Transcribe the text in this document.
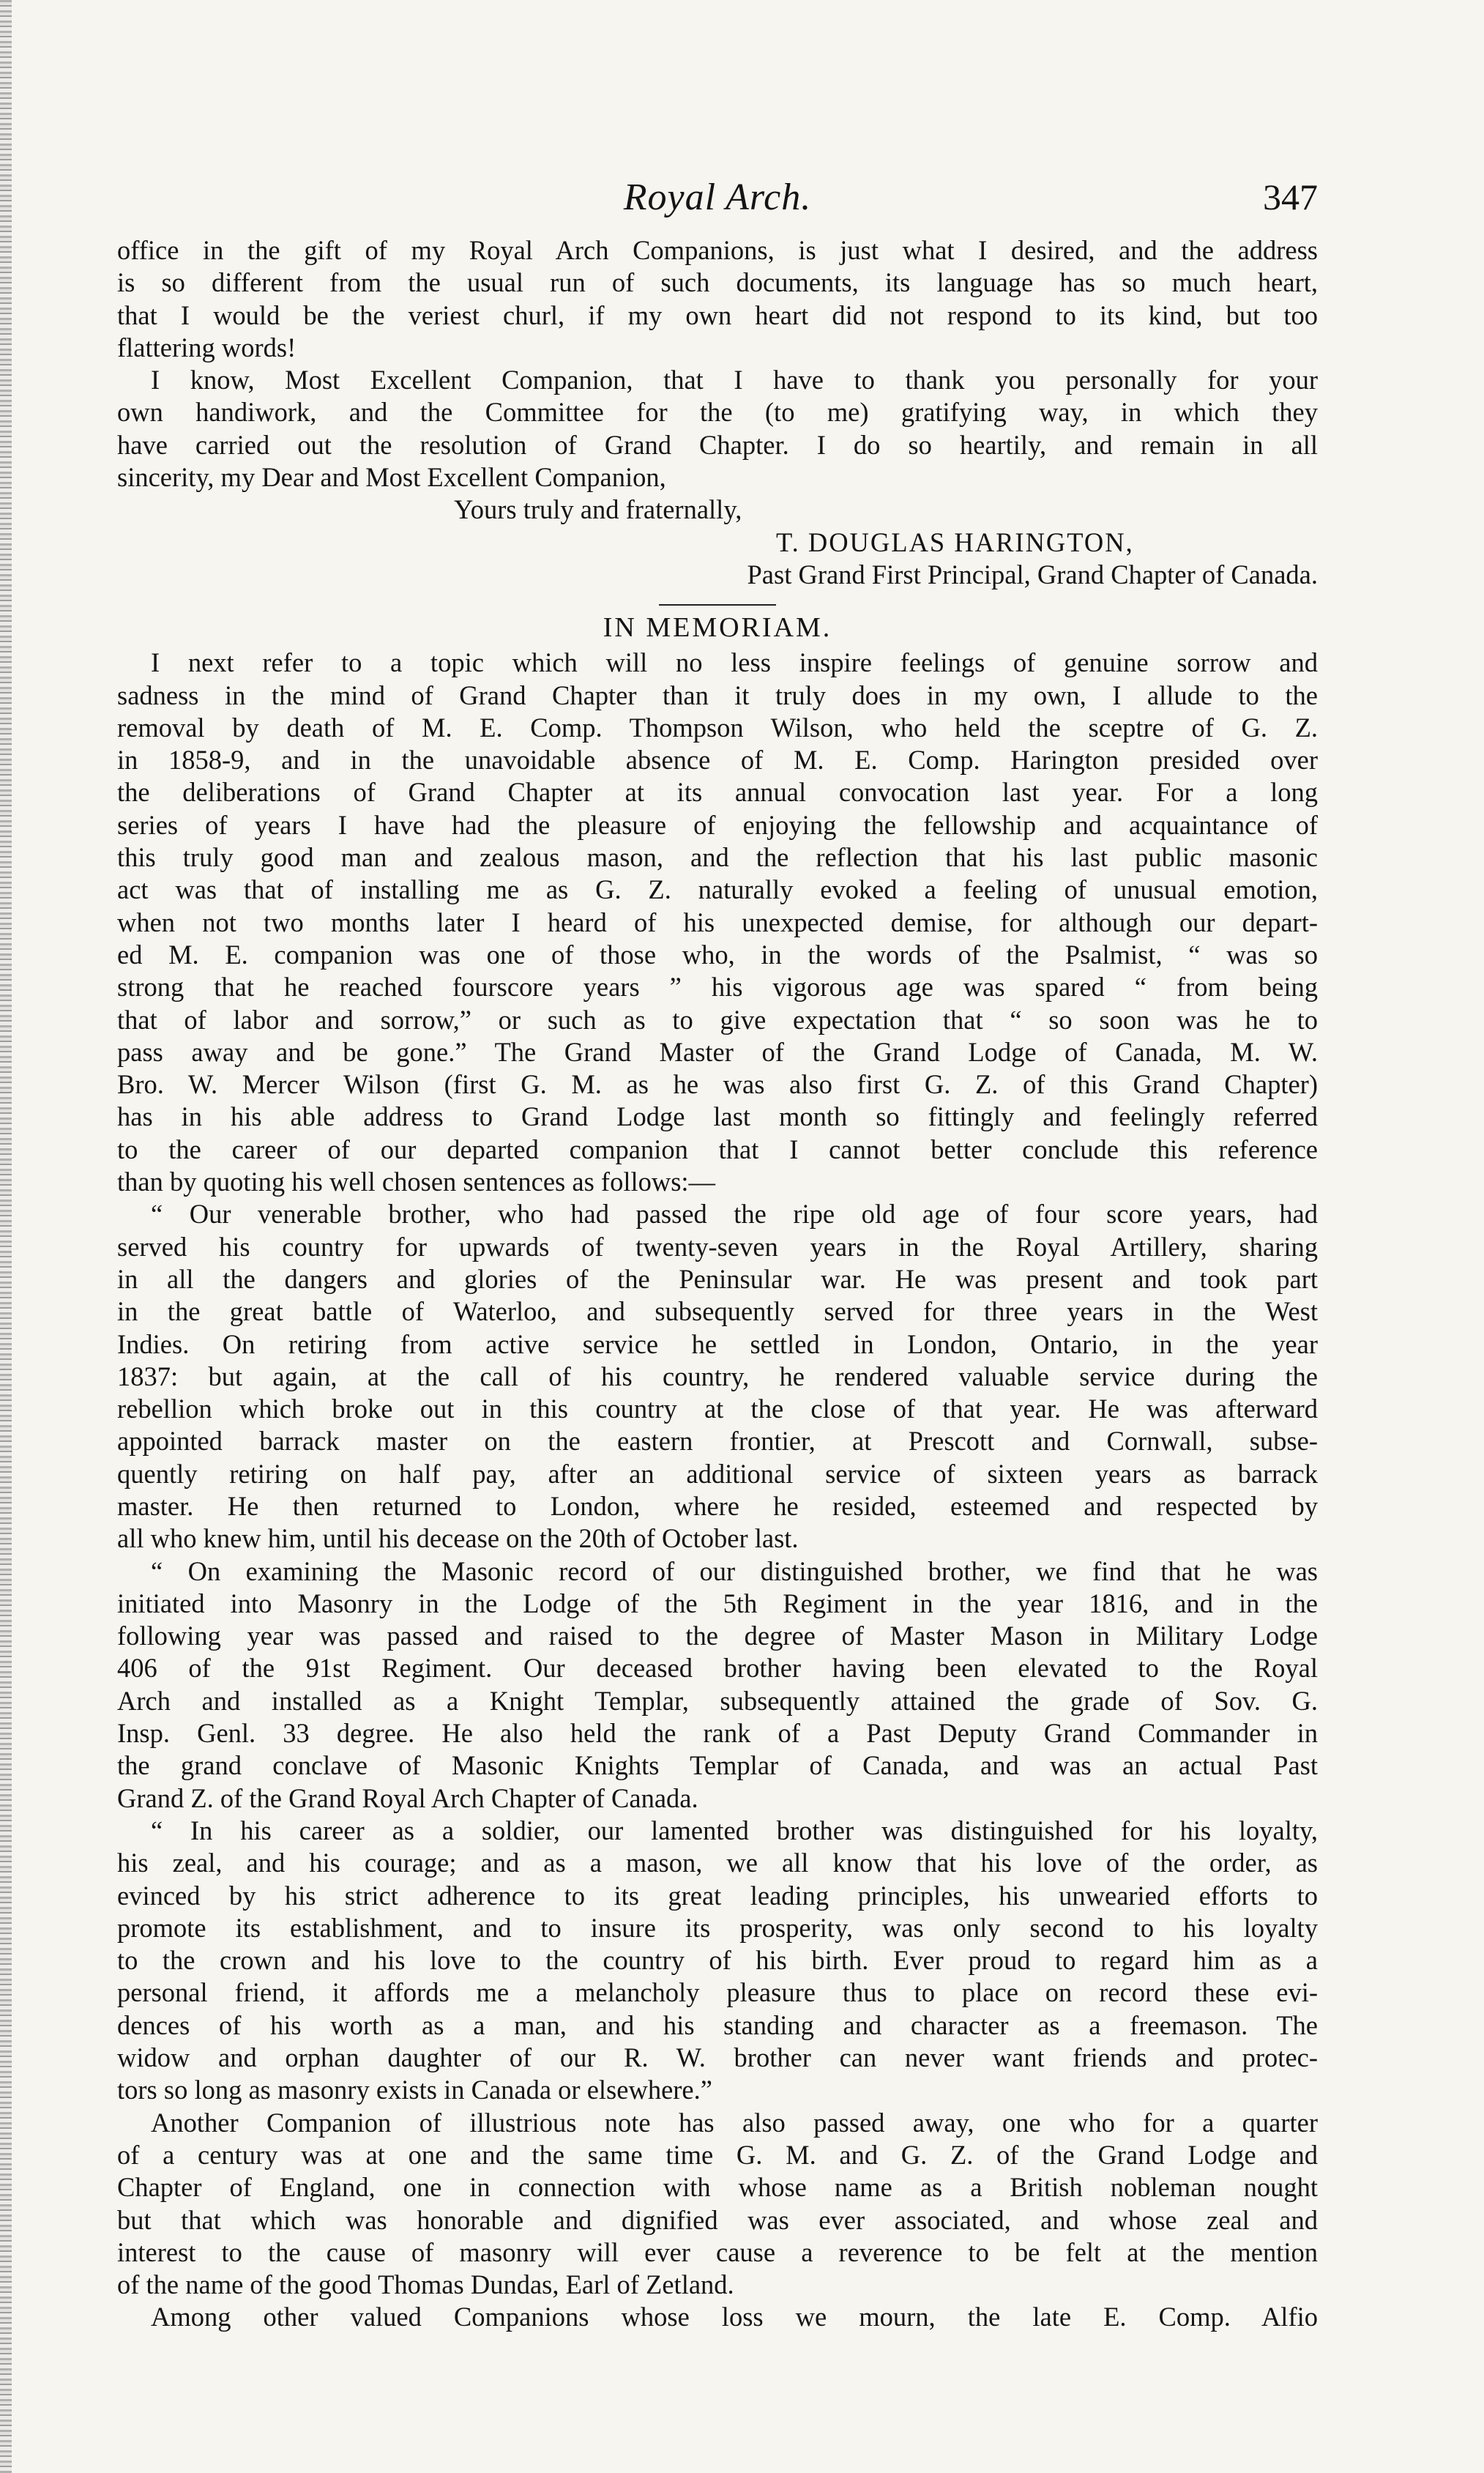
Royal Arch.	347

office in the gift of my Royal Arch Companions, is just what I desired, and the address
is so different from the usual run of such documents, its language has so much heart,
that I would be the veriest churl, if my own heart did not respond to its kind, but too
flattering words!

I know, Most Excellent Companion, that I have to thank you personally for your
own handiwork, and the Committee for the (to me) gratifying way, in which they
have carried out the resolution of Grand Chapter. I do so heartily, and remain in all
sincerity, my Dear and Most Excellent Companion,

Yours truly and fraternally,
T. DOUGLAS HARINGTON,
Past Grand First Principal, Grand Chapter of Canada.
IN MEMORIAM.

I next refer to a topic which will no less inspire feelings of genuine sorrow and
sadness in the mind of Grand Chapter than it truly does in my own, I allude to the
removal by death of M. E. Comp. Thompson Wilson, who held the sceptre of G. Z.
in 1858-9, and in the unavoidable absence of M. E. Comp. Harington presided over
the deliberations of Grand Chapter at its annual convocation last year. For a long
series of years I have had the pleasure of enjoying the fellowship and acquaintance of
this truly good man and zealous mason, and the reflection that his last public masonic
act was that of installing me as G. Z. naturally evoked a feeling of unusual emotion,
when not two months later I heard of his unexpected demise, for although our depart-
ed M. E. companion was one of those who, in the words of the Psalmist, “ was so
strong that he reached fourscore years ” his vigorous age was spared “ from being
that of labor and sorrow,” or such as to give expectation that “ so soon was he to
pass away and be gone.” The Grand Master of the Grand Lodge of Canada, M. W.
Bro. W. Mercer Wilson (first G. M. as he was also first G. Z. of this Grand Chapter)
has in his able address to Grand Lodge last month so fittingly and feelingly referred
to the career of our departed companion that I cannot better conclude this reference
than by quoting his well chosen sentences as follows:—

“ Our venerable brother, who had passed the ripe old age of four score years, had
served his country for upwards of twenty-seven years in the Royal Artillery, sharing
in all the dangers and glories of the Peninsular war. He was present and took part
in the great battle of Waterloo, and subsequently served for three years in the West
Indies. On retiring from active service he settled in London, Ontario, in the year
1837: but again, at the call of his country, he rendered valuable service during the
rebellion which broke out in this country at the close of that year. He was afterward
appointed barrack master on the eastern frontier, at Prescott and Cornwall, subse-
quently retiring on half pay, after an additional service of sixteen years as barrack
master. He then returned to London, where he resided, esteemed and respected by
all who knew him, until his decease on the 20th of October last.

“ On examining the Masonic record of our distinguished brother, we find that he was
initiated into Masonry in the Lodge of the 5th Regiment in the year 1816, and in the
following year was passed and raised to the degree of Master Mason in Military Lodge
406 of the 91st Regiment. Our deceased brother having been elevated to the Royal
Arch and installed as a Knight Templar, subsequently attained the grade of Sov. G.
Insp. Genl. 33 degree. He also held the rank of a Past Deputy Grand Commander in
the grand conclave of Masonic Knights Templar of Canada, and was an actual Past
Grand Z. of the Grand Royal Arch Chapter of Canada.

“ In his career as a soldier, our lamented brother was distinguished for his loyalty,
his zeal, and his courage; and as a mason, we all know that his love of the order, as
evinced by his strict adherence to its great leading principles, his unwearied efforts to
promote its establishment, and to insure its prosperity, was only second to his loyalty
to the crown and his love to the country of his birth. Ever proud to regard him as a
personal friend, it affords me a melancholy pleasure thus to place on record these evi-
dences of his worth as a man, and his standing and character as a freemason. The
widow and orphan daughter of our R. W. brother can never want friends and protec-
tors so long as masonry exists in Canada or elsewhere.”

Another Companion of illustrious note has also passed away, one who for a quarter
of a century was at one and the same time G. M. and G. Z. of the Grand Lodge and
Chapter of England, one in connection with whose name as a British nobleman nought
but that which was honorable and dignified was ever associated, and whose zeal and
interest to the cause of masonry will ever cause a reverence to be felt at the mention
of the name of the good Thomas Dundas, Earl of Zetland.

Among other valued Companions whose loss we mourn, the late E. Comp. Alfio
